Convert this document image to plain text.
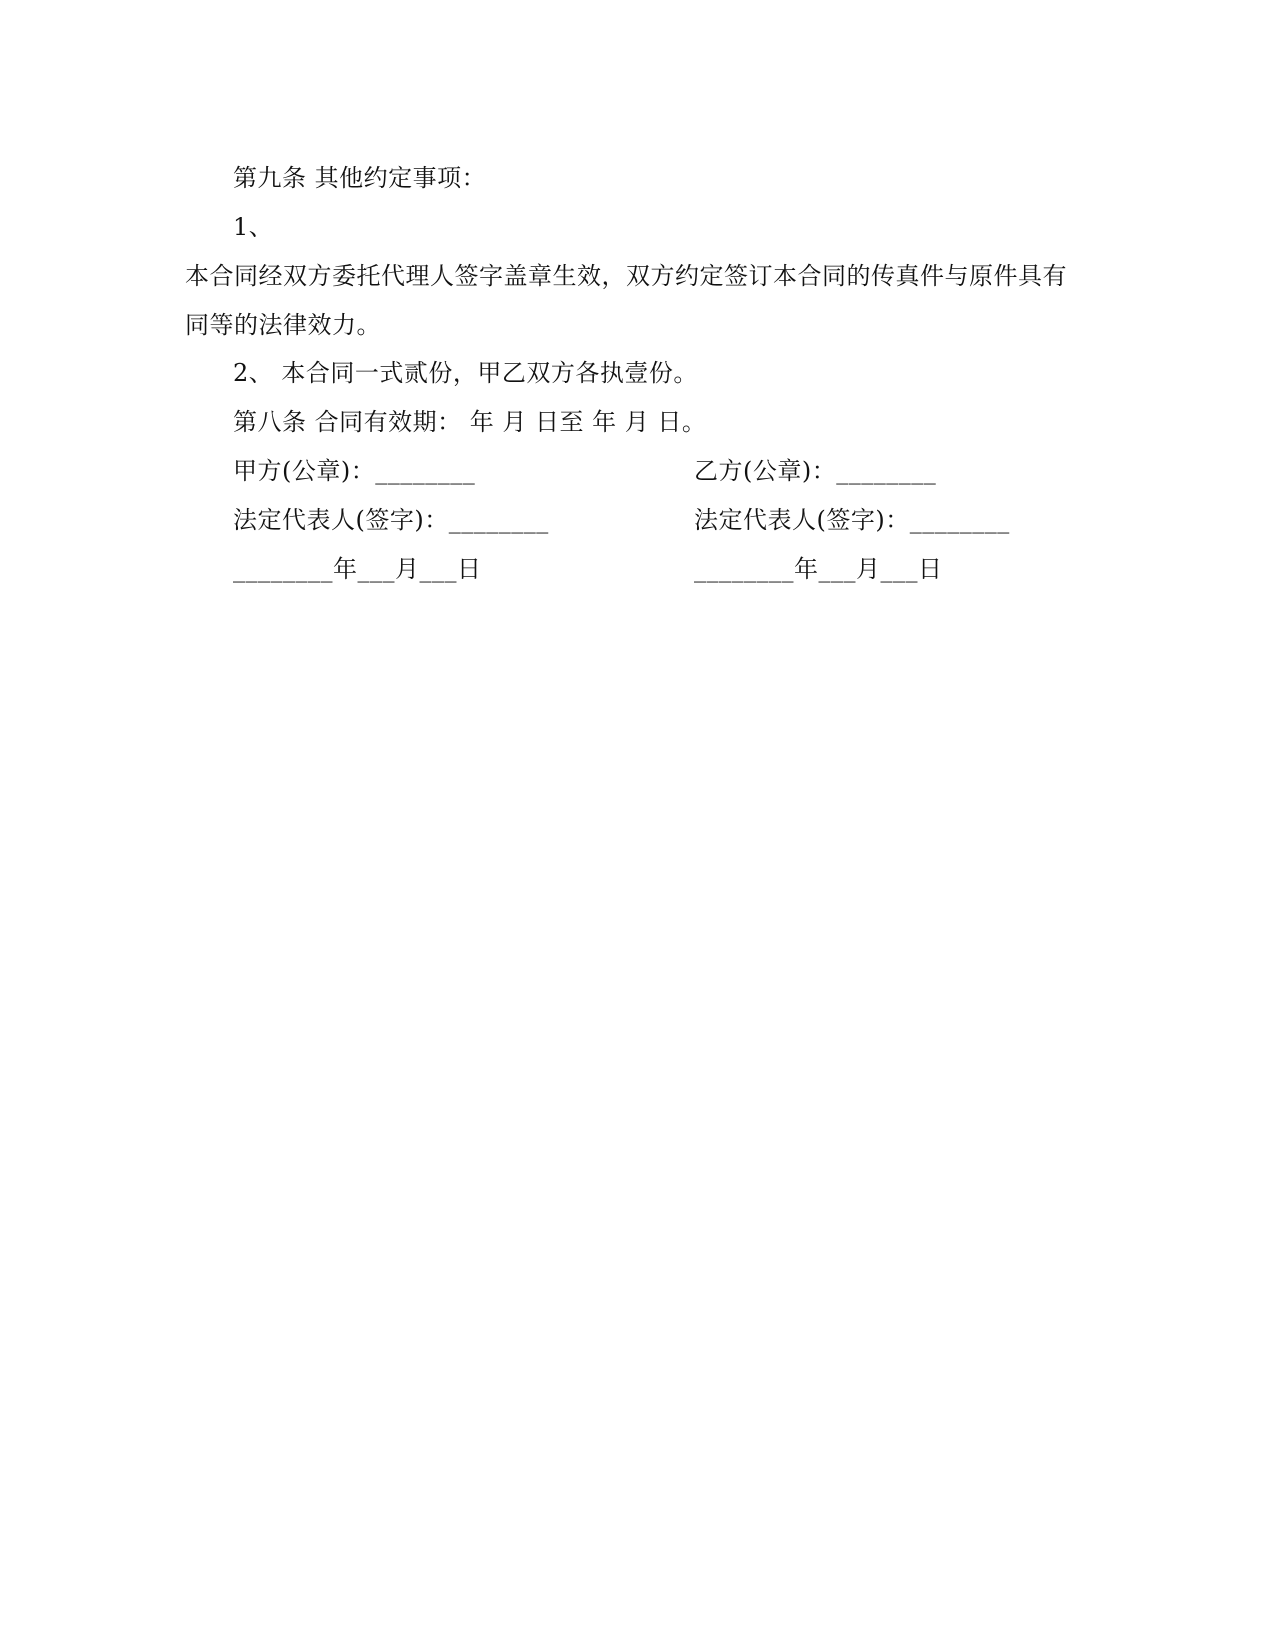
第九条 其他约定事项：
1、
本合同经双方委托代理人签字盖章生效，双方约定签订本合同的传真件与原件具有
同等的法律效力。
2、 本合同一式贰份，甲乙双方各执壹份。
第八条 合同有效期： 年 月 日至 年 月 日。
甲方(公章)：________	乙方(公章)：________
法定代表人(签字)：________	法定代表人(签字)：________
________年___月___日	________年___月___日
